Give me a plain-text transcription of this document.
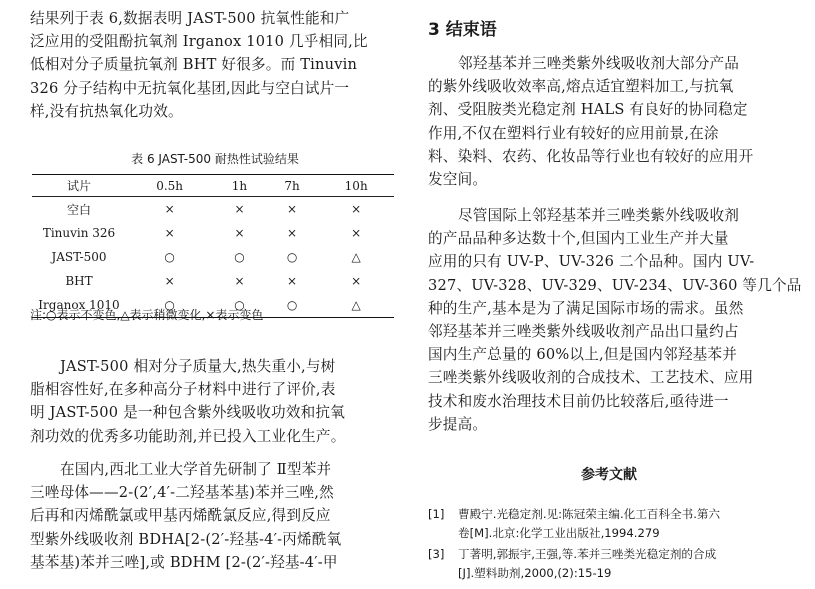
结果列于表 6,数据表明 JAST-500 抗氧性能和广
泛应用的受阻酚抗氧剂 Irganox 1010 几乎相同,比
低相对分子质量抗氧剂 BHT 好很多。而 Tinuvin
326 分子结构中无抗氧化基团,因此与空白试片一
样,没有抗热氧化功效。
表 6 JAST-500 耐热性试验结果
试片	0.5h	1h	7h	10h
空白	×	×	×	×
Tinuvin 326	×	×	×	×
JAST-500	○	○	○	△
BHT	×	×	×	×
Irganox 1010	○	○	○	△
注:○表示不变色,△表示稍微变化,×表示变色
JAST-500 相对分子质量大,热失重小,与树
脂相容性好,在多种高分子材料中进行了评价,表
明 JAST-500 是一种包含紫外线吸收功效和抗氧
剂功效的优秀多功能助剂,并已投入工业化生产。
在国内,西北工业大学首先研制了 Ⅱ型苯并
三唑母体——2-(2′,4′-二羟基苯基)苯并三唑,然
后再和丙烯酰氯或甲基丙烯酰氯反应,得到反应
型紫外线吸收剂 BDHA[2-(2′-羟基-4′-丙烯酰氧
基苯基)苯并三唑],或 BDHM [2-(2′-羟基-4′-甲
3 结束语
邻羟基苯并三唑类紫外线吸收剂大部分产品
的紫外线吸收效率高,熔点适宜塑料加工,与抗氧
剂、受阻胺类光稳定剂 HALS 有良好的协同稳定
作用,不仅在塑料行业有较好的应用前景,在涂
料、染料、农药、化妆品等行业也有较好的应用开
发空间。
尽管国际上邻羟基苯并三唑类紫外线吸收剂
的产品品种多达数十个,但国内工业生产并大量
应用的只有 UV-P、UV-326 二个品种。国内 UV-
327、UV-328、UV-329、UV-234、UV-360 等几个品
种的生产,基本是为了满足国际市场的需求。虽然
邻羟基苯并三唑类紫外线吸收剂产品出口量约占
国内生产总量的 60%以上,但是国内邻羟基苯并
三唑类紫外线吸收剂的合成技术、工艺技术、应用
技术和废水治理技术目前仍比较落后,亟待进一
步提高。
参考文献
[1] 曹殿宁.光稳定剂.见:陈冠荣主编.化工百科全书.第六
卷[M].北京:化学工业出版社,1994.279
[3] 丁著明,郭振宇,王强,等.苯并三唑类光稳定剂的合成
[J].塑料助剂,2000,(2):15-19
